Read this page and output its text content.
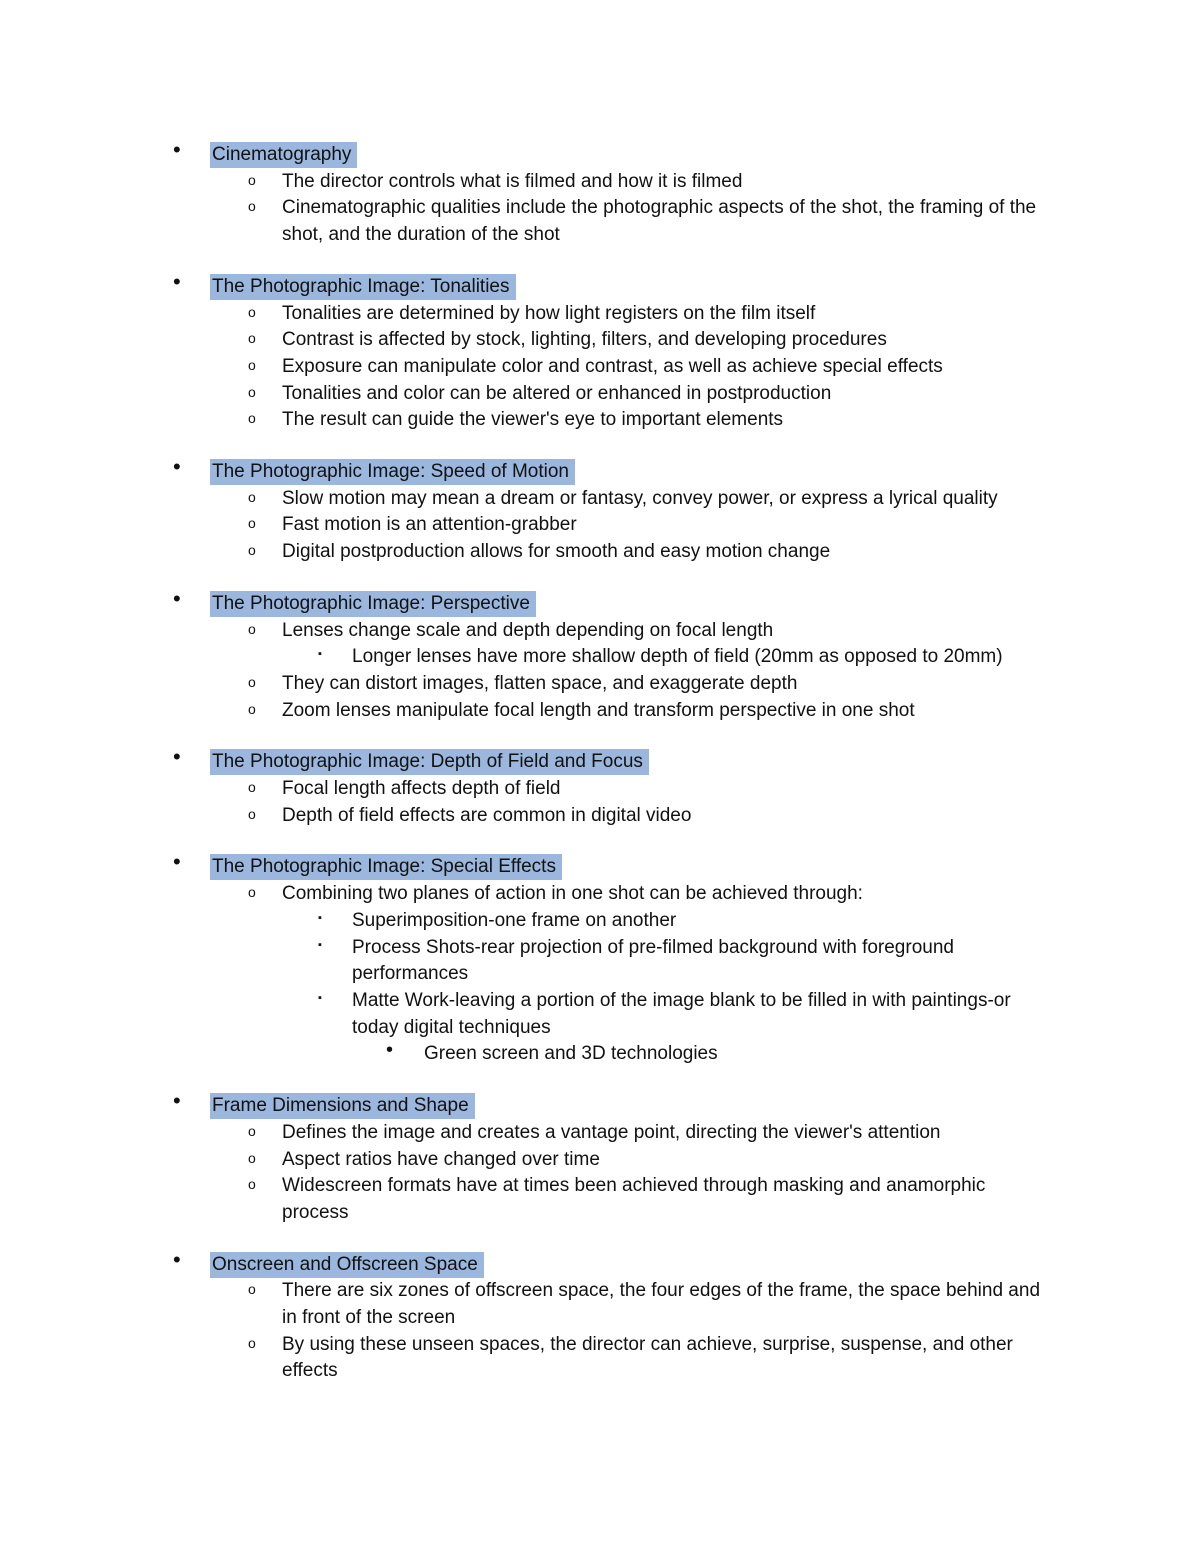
• Cinematography
o The director controls what is filmed and how it is filmed
o Cinematographic qualities include the photographic aspects of the shot, the framing of the shot, and the duration of the shot
• The Photographic Image: Tonalities
o Tonalities are determined by how light registers on the film itself
o Contrast is affected by stock, lighting, filters, and developing procedures
o Exposure can manipulate color and contrast, as well as achieve special effects
o Tonalities and color can be altered or enhanced in postproduction
o The result can guide the viewer's eye to important elements
• The Photographic Image: Speed of Motion
o Slow motion may mean a dream or fantasy, convey power, or express a lyrical quality
o Fast motion is an attention-grabber
o Digital postproduction allows for smooth and easy motion change
• The Photographic Image: Perspective
o Lenses change scale and depth depending on focal length
▪ Longer lenses have more shallow depth of field (20mm as opposed to 20mm)
o They can distort images, flatten space, and exaggerate depth
o Zoom lenses manipulate focal length and transform perspective in one shot
• The Photographic Image: Depth of Field and Focus
o Focal length affects depth of field
o Depth of field effects are common in digital video
• The Photographic Image: Special Effects
o Combining two planes of action in one shot can be achieved through:
▪ Superimposition-one frame on another
▪ Process Shots-rear projection of pre-filmed background with foreground performances
▪ Matte Work-leaving a portion of the image blank to be filled in with paintings-or today digital techniques
• Green screen and 3D technologies
• Frame Dimensions and Shape
o Defines the image and creates a vantage point, directing the viewer's attention
o Aspect ratios have changed over time
o Widescreen formats have at times been achieved through masking and anamorphic process
• Onscreen and Offscreen Space
o There are six zones of offscreen space, the four edges of the frame, the space behind and in front of the screen
o By using these unseen spaces, the director can achieve, surprise, suspense, and other effects
